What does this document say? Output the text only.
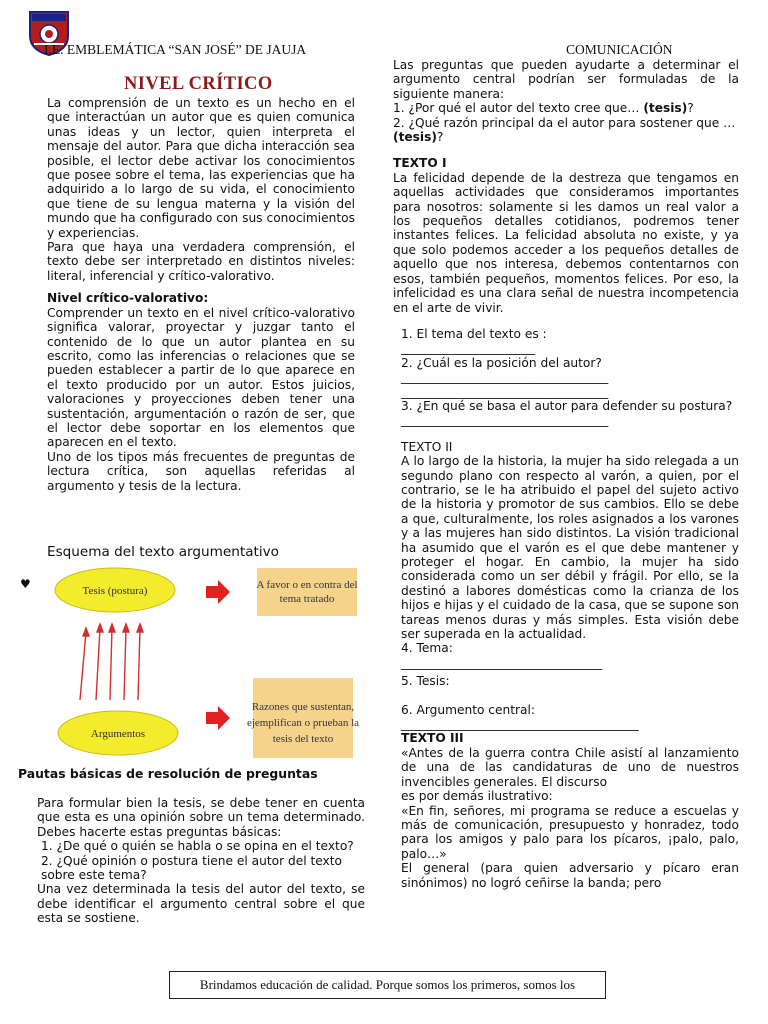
I.E. EMBLEMÁTICA “SAN JOSÉ” DE JAUJA	COMUNICACIÓN
NIVEL CRÍTICO

La comprensión de un texto es un hecho en el que interactúan un autor que es quien comunica unas ideas y un lector, quien interpreta el mensaje del autor. Para que dicha interacción sea posible, el lector debe activar los conocimientos que posee sobre el tema, las experiencias que ha adquirido a lo largo de su vida, el conocimiento que tiene de su lengua materna y la visión del mundo que ha configurado con sus conocimientos y experiencias.

Para que haya una verdadera comprensión, el texto debe ser interpretado en distintos niveles: literal, inferencial y crítico-valorativo.

Nivel crítico-valorativo:

Comprender un texto en el nivel crítico-valorativo significa valorar, proyectar y juzgar tanto el contenido de lo que un autor plantea en su escrito, como las inferencias o relaciones que se pueden establecer a partir de lo que aparece en el texto producido por un autor. Estos juicios, valoraciones y proyecciones deben tener una sustentación, argumentación o razón de ser, que el lector debe soportar en los elementos que aparecen en el texto.

Uno de los tipos más frecuentes de preguntas de lectura crítica, son aquellas referidas al argumento y tesis de la lectura.

Esquema del texto argumentativo
♥	Tesis (postura)	A favor o en contra del
tema tratado
Argumentos
Razones que sustentan,
ejemplifican o prueban la
tesis del texto
Pautas básicas de resolución de preguntas

Para formular bien la tesis, se debe tener en cuenta que esta es una opinión sobre un tema determinado. Debes hacerte estas preguntas básicas:

1. ¿De qué o quién se habla o se opina en el texto?

2. ¿Qué opinión o postura tiene el autor del texto sobre este tema?

Una vez determinada la tesis del autor del texto, se debe identificar el argumento central sobre el que esta se sostiene.

Las preguntas que pueden ayudarte a determinar el argumento central podrían ser formuladas de la siguiente manera:

1. ¿Por qué el autor del texto cree que… (tesis)?

2. ¿Qué razón principal da el autor para sostener que … (tesis)?

TEXTO I

La felicidad depende de la destreza que tengamos en aquellas actividades que consideramos importantes para nosotros: solamente si les damos un real valor a los pequeños detalles cotidianos, podremos tener instantes felices. La felicidad absoluta no existe, y ya que solo podemos acceder a los pequeños detalles de aquello que nos interesa, debemos contentarnos con esos, también pequeños, momentos felices. Por eso, la infelicidad es una clara señal de nuestra incompetencia en el arte de vivir.

1. El tema del texto es :

______________________

2. ¿Cuál es la posición del autor?

__________________________________

__________________________________

3. ¿En qué se basa el autor para defender su postura?

__________________________________

TEXTO II

A lo largo de la historia, la mujer ha sido relegada a un segundo plano con respecto al varón, a quien, por el contrario, se le ha atribuido el papel del sujeto activo de la historia y promotor de sus cambios. Ello se debe a que, culturalmente, los roles asignados a los varones y a las mujeres han sido distintos. La visión tradicional ha asumido que el varón es el que debe mantener y proteger el hogar. En cambio, la mujer ha sido considerada como un ser débil y frágil. Por ello, se la destinó a labores domésticas como la crianza de los hijos e hijas y el cuidado de la casa, que se supone son tareas menos duras y más simples. Esta visión debe ser superada en la actualidad.

4. Tema:

_________________________________

5. Tesis:

6. Argumento central:

_______________________________________

TEXTO III

«Antes de la guerra contra Chile asistí al lanzamiento de una de las candidaturas de uno de nuestros invencibles generales. El discurso

es por demás ilustrativo:

«En fin, señores, mi programa se reduce a escuelas y más de comunicación, presupuesto y honradez, todo para los amigos y palo para los pícaros, ¡palo, palo, palo…»

El general (para quien adversario y pícaro eran sinónimos) no logró ceñirse la banda; pero

Brindamos educación de calidad. Porque somos los primeros, somos los
